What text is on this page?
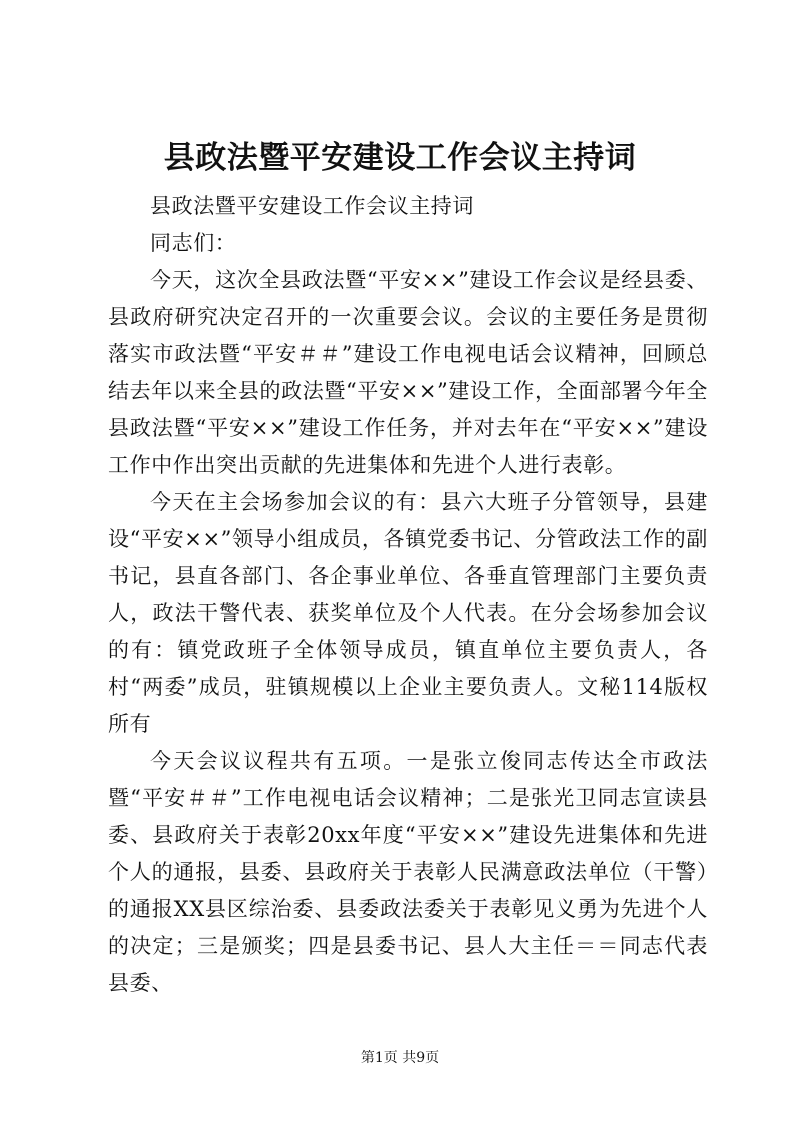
县政法暨平安建设工作会议主持词

县政法暨平安建设工作会议主持词

同志们：

今天，这次全县政法暨“平安××”建设工作会议是经县委、县政府研究决定召开的一次重要会议。会议的主要任务是贯彻落实市政法暨“平安＃＃”建设工作电视电话会议精神，回顾总结去年以来全县的政法暨“平安××”建设工作，全面部署今年全县政法暨“平安××”建设工作任务，并对去年在“平安××”建设工作中作出突出贡献的先进集体和先进个人进行表彰。

今天在主会场参加会议的有：县六大班子分管领导，县建设“平安××”领导小组成员，各镇党委书记、分管政法工作的副书记，县直各部门、各企事业单位、各垂直管理部门主要负责人，政法干警代表、获奖单位及个人代表。在分会场参加会议的有：镇党政班子全体领导成员，镇直单位主要负责人，各村“两委”成员，驻镇规模以上企业主要负责人。文秘114版权所有

今天会议议程共有五项。一是张立俊同志传达全市政法暨“平安＃＃”工作电视电话会议精神；二是张光卫同志宣读县委、县政府关于表彰20xx年度“平安××”建设先进集体和先进个人的通报，县委、县政府关于表彰人民满意政法单位（干警）的通报XX县区综治委、县委政法委关于表彰见义勇为先进个人的决定；三是颁奖；四是县委书记、县人大主任＝＝同志代表县委、

第1页 共9页
